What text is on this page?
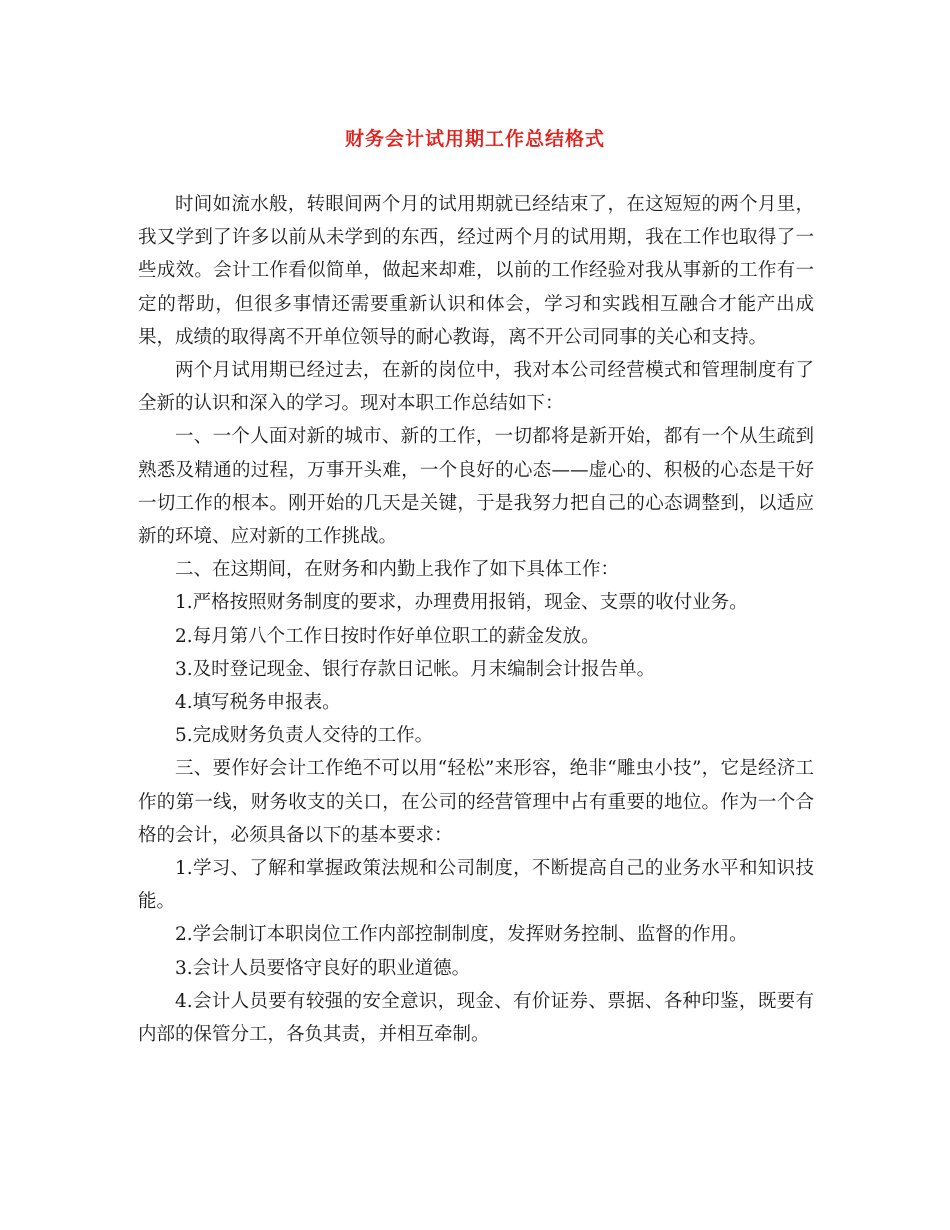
财务会计试用期工作总结格式

时间如流水般，转眼间两个月的试用期就已经结束了，在这短短的两个月里，我又学到了许多以前从未学到的东西，经过两个月的试用期，我在工作也取得了一些成效。会计工作看似简单，做起来却难，以前的工作经验对我从事新的工作有一定的帮助，但很多事情还需要重新认识和体会，学习和实践相互融合才能产出成果，成绩的取得离不开单位领导的耐心教诲，离不开公司同事的关心和支持。

两个月试用期已经过去，在新的岗位中，我对本公司经营模式和管理制度有了全新的认识和深入的学习。现对本职工作总结如下：

一、一个人面对新的城市、新的工作，一切都将是新开始，都有一个从生疏到熟悉及精通的过程，万事开头难，一个良好的心态——虚心的、积极的心态是干好一切工作的根本。刚开始的几天是关键，于是我努力把自己的心态调整到，以适应新的环境、应对新的工作挑战。

二、在这期间，在财务和内勤上我作了如下具体工作：

1.严格按照财务制度的要求，办理费用报销，现金、支票的收付业务。

2.每月第八个工作日按时作好单位职工的薪金发放。

3.及时登记现金、银行存款日记帐。月末编制会计报告单。

4.填写税务申报表。

5.完成财务负责人交待的工作。

三、要作好会计工作绝不可以用“轻松”来形容，绝非“雕虫小技”，它是经济工作的第一线，财务收支的关口，在公司的经营管理中占有重要的地位。作为一个合格的会计，必须具备以下的基本要求：

1.学习、了解和掌握政策法规和公司制度，不断提高自己的业务水平和知识技能。

2.学会制订本职岗位工作内部控制制度，发挥财务控制、监督的作用。

3.会计人员要恪守良好的职业道德。

4.会计人员要有较强的安全意识，现金、有价证券、票据、各种印鉴，既要有内部的保管分工，各负其责，并相互牵制。
